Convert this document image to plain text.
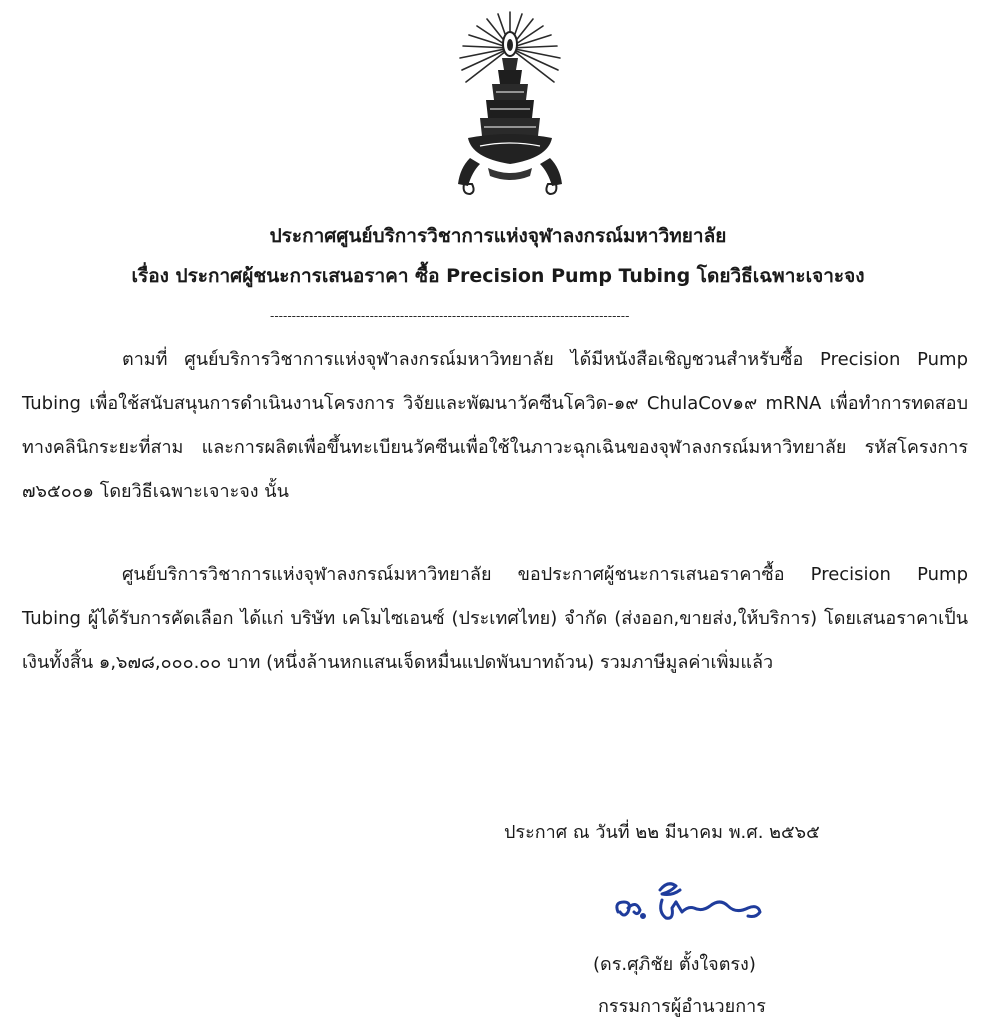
ประกาศศูนย์บริการวิชาการแห่งจุฬาลงกรณ์มหาวิทยาลัย
เรื่อง ประกาศผู้ชนะการเสนอราคา ซื้อ Precision Pump Tubing โดยวิธีเฉพาะเจาะจง
-----------------------------------------------------------------------------------
ตามที่ ศูนย์บริการวิชาการแห่งจุฬาลงกรณ์มหาวิทยาลัย ได้มีหนังสือเชิญชวนสำหรับซื้อ Precision Pump Tubing เพื่อใช้สนับสนุนการดำเนินงานโครงการ วิจัยและพัฒนาวัคซีนโควิด-๑๙ ChulaCov๑๙ mRNA เพื่อทำการทดสอบทางคลินิกระยะที่สาม และการผลิตเพื่อขึ้นทะเบียนวัคซีนเพื่อใช้ในภาวะฉุกเฉินของจุฬาลงกรณ์มหาวิทยาลัย รหัสโครงการ ๗๖๕๐๐๑ โดยวิธีเฉพาะเจาะจง นั้น
ศูนย์บริการวิชาการแห่งจุฬาลงกรณ์มหาวิทยาลัย ขอประกาศผู้ชนะการเสนอราคาซื้อ Precision Pump Tubing ผู้ได้รับการคัดเลือก ได้แก่ บริษัท เคโมไซเอนซ์ (ประเทศไทย) จำกัด (ส่งออก,ขายส่ง,ให้บริการ) โดยเสนอราคาเป็นเงินทั้งสิ้น ๑,๖๗๘,๐๐๐.๐๐ บาท (หนึ่งล้านหกแสนเจ็ดหมื่นแปดพันบาทถ้วน) รวมภาษีมูลค่าเพิ่มแล้ว
ประกาศ ณ วันที่ ๒๒ มีนาคม พ.ศ. ๒๕๖๕
(ดร.ศุภิชัย ตั้งใจตรง)
กรรมการผู้อำนวยการ
